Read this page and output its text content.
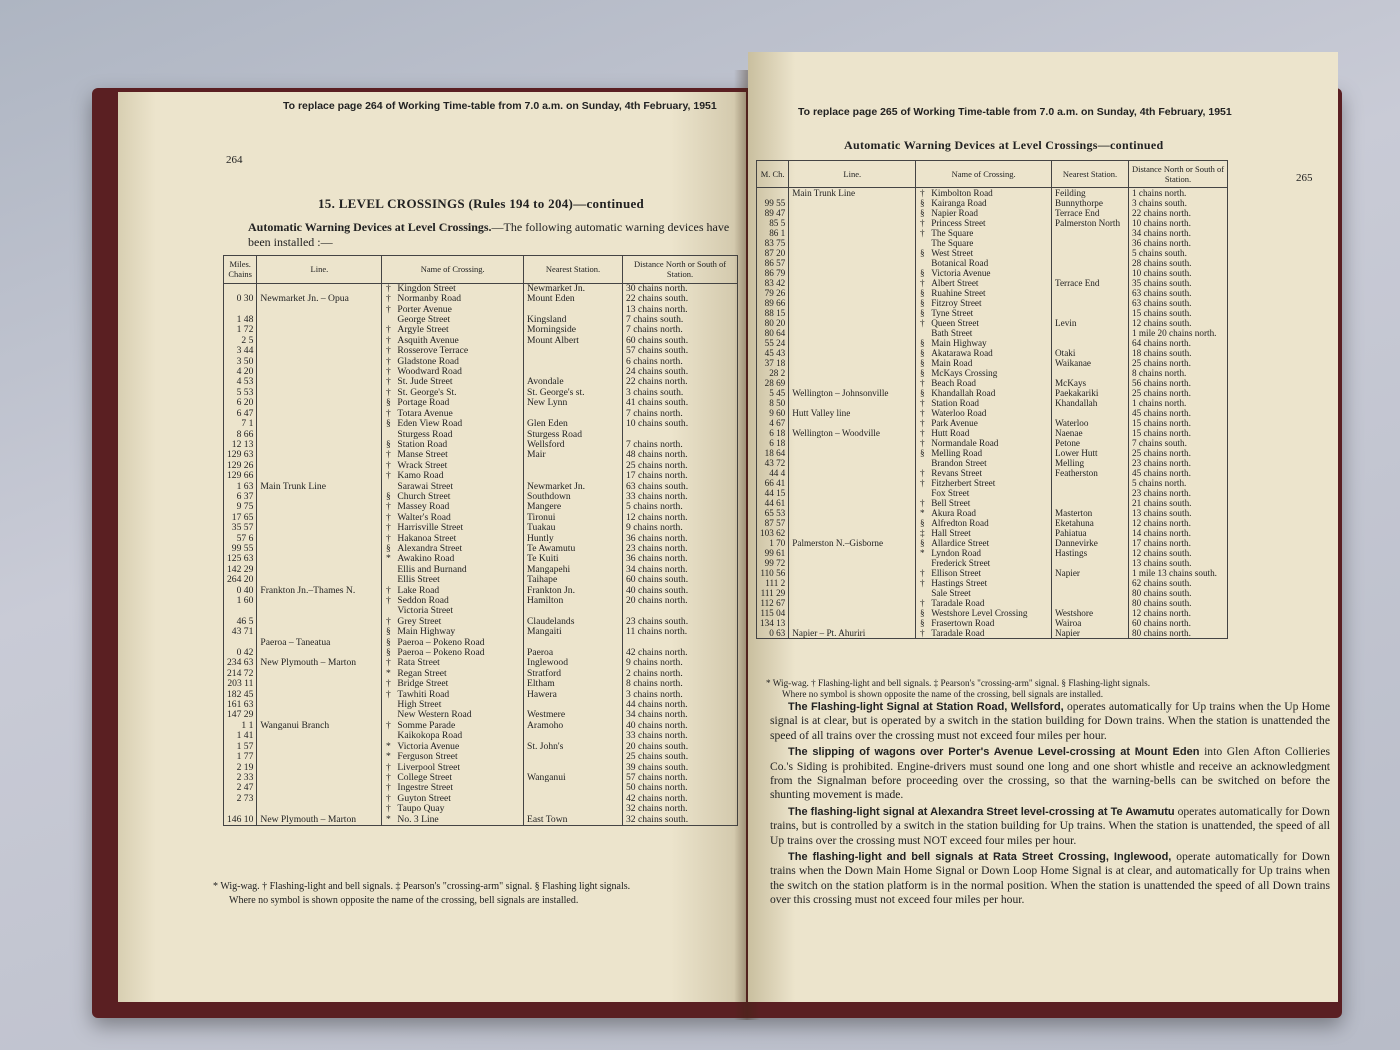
To replace page 264 of Working Time-table from 7.0 a.m. on Sunday, 4th February, 1951
264
15. LEVEL CROSSINGS (Rules 194 to 204)—continued
Automatic Warning Devices at Level Crossings.—The following automatic warning devices have been installed :—
Miles. Chains	Line.	Name of Crossing.		Nearest Station.	Distance North or South of Station.
		†	Kingdon Street	Newmarket Jn.	30 chains north.
0 30	Newmarket Jn. – Opua	†	Normanby Road	Mount Eden	22 chains south.
		†	Porter Avenue		13 chains north.
1 48			George Street	Kingsland	7 chains south.
1 72		†	Argyle Street	Morningside	7 chains north.
2 5		†	Asquith Avenue	Mount Albert	60 chains south.
3 44		†	Rosserove Terrace		57 chains south.
3 50		†	Gladstone Road		6 chains north.
4 20		†	Woodward Road		24 chains south.
4 53		†	St. Jude Street	Avondale	22 chains north.
5 53		†	St. George's St.	St. George's st.	3 chains south.
6 20		§	Portage Road	New Lynn	41 chains south.
6 47		†	Totara Avenue		7 chains north.
7 1		§	Eden View Road	Glen Eden	10 chains south.
8 66			Sturgess Road	Sturgess Road	
12 13		§	Station Road	Wellsford	7 chains north.
129 63		†	Manse Street	Mair	48 chains north.
129 26		†	Wrack Street		25 chains north.
129 66		†	Kamo Road		17 chains north.
1 63	Main Trunk Line		Sarawai Street	Newmarket Jn.	63 chains south.
6 37		§	Church Street	Southdown	33 chains north.
9 75		†	Massey Road	Mangere	5 chains north.
17 65		†	Walter's Road	Tironui	12 chains north.
35 57		†	Harrisville Street	Tuakau	9 chains north.
57 6		†	Hakanoa Street	Huntly	36 chains north.
99 55		§	Alexandra Street	Te Awamutu	23 chains north.
125 63		*	Awakino Road	Te Kuiti	36 chains north.
142 29			Ellis and Burnand	Mangapehi	34 chains north.
264 20			Ellis Street	Taihape	60 chains south.
0 40	Frankton Jn.–Thames N.	†	Lake Road	Frankton Jn.	40 chains south.
1 60		†	Seddon Road	Hamilton	20 chains north.
			Victoria Street		
46 5		†	Grey Street	Claudelands	23 chains south.
43 71		§	Main Highway	Mangaiti	11 chains north.
	Paeroa – Taneatua	§	Paeroa – Pokeno Road		
0 42		§	Paeroa – Pokeno Road	Paeroa	42 chains north.
234 63	New Plymouth – Marton	†	Rata Street	Inglewood	9 chains north.
214 72		*	Regan Street	Stratford	2 chains north.
203 11		†	Bridge Street	Eltham	8 chains north.
182 45		†	Tawhiti Road	Hawera	3 chains north.
161 63			High Street		44 chains north.
147 29			New Western Road	Westmere	34 chains north.
1 1	Wanganui Branch	†	Somme Parade	Aramoho	40 chains north.
1 41			Kaikokopa Road		33 chains north.
1 57		*	Victoria Avenue	St. John's	20 chains south.
1 77		*	Ferguson Street		25 chains south.
2 19		†	Liverpool Street		39 chains south.
2 33		†	College Street	Wanganui	57 chains north.
2 47		†	Ingestre Street		50 chains north.
2 73		†	Guyton Street		42 chains north.
		†	Taupo Quay		32 chains north.
146 10	New Plymouth – Marton	*	No. 3 Line	East Town	32 chains south.
* Wig-wag. † Flashing-light and bell signals. ‡ Pearson's "crossing-arm" signal. § Flashing light signals.
Where no symbol is shown opposite the name of the crossing, bell signals are installed.
To replace page 265 of Working Time-table from 7.0 a.m. on Sunday, 4th February, 1951
265
Automatic Warning Devices at Level Crossings—continued
M. Ch.	Line.	Name of Crossing.		Nearest Station.	Distance North or South of Station.
	Main Trunk Line	†	Kimbolton Road	Feilding	1 chains north.
99 55		§	Kairanga Road	Bunnythorpe	3 chains south.
89 47		§	Napier Road	Terrace End	22 chains north.
85 5		†	Princess Street	Palmerston North	10 chains north.
86 1		†	The Square		34 chains north.
83 75			The Square		36 chains north.
87 20		§	West Street		5 chains south.
86 57			Botanical Road		28 chains south.
86 79		§	Victoria Avenue		10 chains south.
83 42		†	Albert Street	Terrace End	35 chains south.
79 26		§	Ruahine Street		63 chains south.
89 66		§	Fitzroy Street		63 chains south.
88 15		§	Tyne Street		15 chains south.
80 20		†	Queen Street	Levin	12 chains south.
80 64			Bath Street		1 mile 20 chains north.
55 24		§	Main Highway		64 chains north.
45 43		§	Akatarawa Road	Otaki	18 chains south.
37 18		§	Main Road	Waikanae	25 chains north.
28 2		§	McKays Crossing		8 chains north.
28 69		†	Beach Road	McKays	56 chains north.
5 45	Wellington – Johnsonville	§	Khandallah Road	Paekakariki	25 chains north.
8 50		†	Station Road	Khandallah	1 chains north.
9 60	Hutt Valley line	†	Waterloo Road		45 chains north.
4 67		†	Park Avenue	Waterloo	15 chains north.
6 18	Wellington – Woodville	†	Hutt Road	Naenae	15 chains north.
6 18		†	Normandale Road	Petone	7 chains south.
18 64		§	Melling Road	Lower Hutt	25 chains north.
43 72			Brandon Street	Melling	23 chains north.
44 4		†	Revans Street	Featherston	45 chains north.
66 41		†	Fitzherbert Street		5 chains north.
44 15			Fox Street		23 chains north.
44 61		†	Bell Street		21 chains south.
65 53		*	Akura Road	Masterton	13 chains south.
87 57		§	Alfredton Road	Eketahuna	12 chains north.
103 62		‡	Hall Street	Pahiatua	14 chains north.
1 70	Palmerston N.–Gisborne	§	Allardice Street	Dannevirke	17 chains north.
99 61		*	Lyndon Road	Hastings	12 chains south.
99 72			Frederick Street		13 chains south.
110 56		†	Ellison Street	Napier	1 mile 13 chains south.
111 2		†	Hastings Street		62 chains south.
111 29			Sale Street		80 chains south.
112 67		†	Taradale Road		80 chains south.
115 04		§	Westshore Level Crossing	Westshore	12 chains north.
134 13		§	Frasertown Road	Wairoa	60 chains north.
0 63	Napier – Pt. Ahuriri	†	Taradale Road	Napier	80 chains north.
* Wig-wag. † Flashing-light and bell signals. ‡ Pearson's "crossing-arm" signal. § Flashing-light signals.
Where no symbol is shown opposite the name of the crossing, bell signals are installed.

The Flashing-light Signal at Station Road, Wellsford, operates automatically for Up trains when the Up Home signal is at clear, but is operated by a switch in the station building for Down trains. When the station is unattended the speed of all trains over the crossing must not exceed four miles per hour.

The slipping of wagons over Porter's Avenue Level-crossing at Mount Eden into Glen Afton Collieries Co.'s Siding is prohibited. Engine-drivers must sound one long and one short whistle and receive an acknowledgment from the Signalman before proceeding over the crossing, so that the warning-bells can be switched on before the shunting movement is made.

The flashing-light signal at Alexandra Street level-crossing at Te Awamutu operates automatically for Down trains, but is controlled by a switch in the station building for Up trains. When the station is unattended, the speed of all Up trains over the crossing must NOT exceed four miles per hour.

The flashing-light and bell signals at Rata Street Crossing, Inglewood, operate automatically for Down trains when the Down Main Home Signal or Down Loop Home Signal is at clear, and automatically for Up trains when the switch on the station platform is in the normal position. When the station is unattended the speed of all Down trains over this crossing must not exceed four miles per hour.
